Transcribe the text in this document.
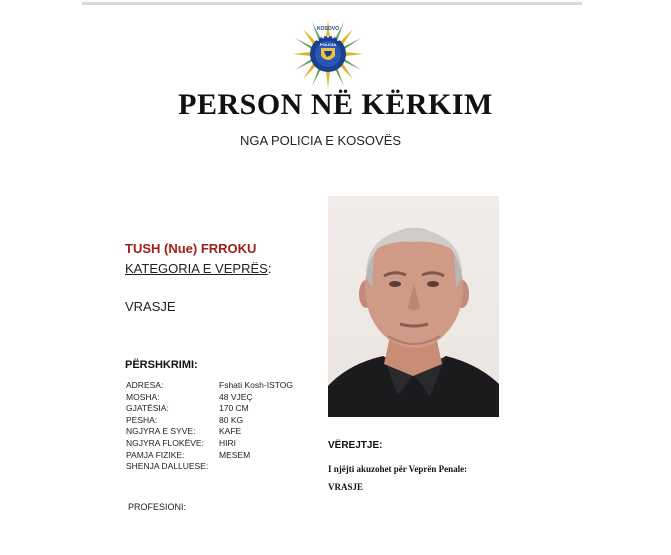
POLICIA
KOSOVO
PERSON NË KËRKIM
NGA POLICIA E KOSOVËS
TUSH (Nue) FRROKU
KATEGORIA E VEPRËS:
VRASJE
PËRSHKRIMI:
ADRESA:	Fshati Kosh-ISTOG
MOSHA:	48 VJEÇ
GJATËSIA:	170 CM
PESHA:	80 KG
NGJYRA E SYVE:	KAFE
NGJYRA FLOKËVE:	HIRI
PAMJA FIZIKE:	MESEM
SHENJA DALLUESE:
PROFESIONI:
VËREJTJE:
I njëjti akuzohet për Veprën Penale:
VRASJE
